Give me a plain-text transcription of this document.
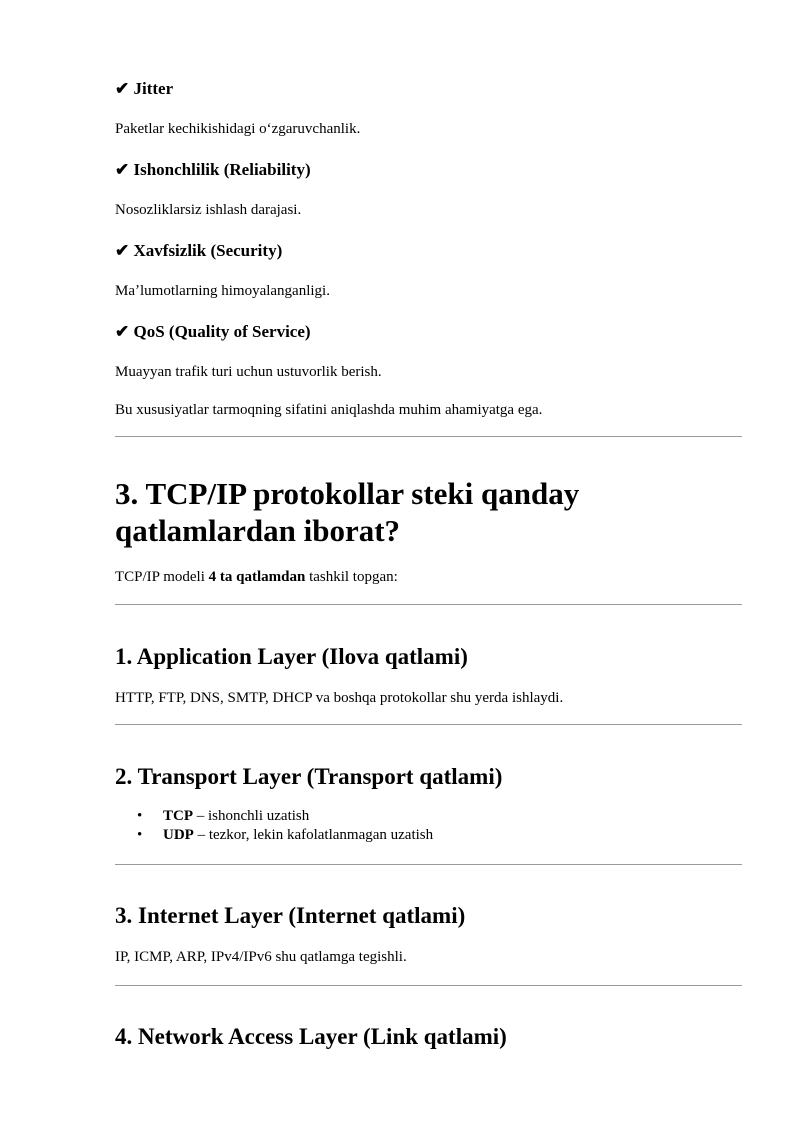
✔ Jitter
Paketlar kechikishidagi oʻzgaruvchanlik.
✔ Ishonchlilik (Reliability)
Nosozliklarsiz ishlash darajasi.
✔ Xavfsizlik (Security)
Maʼlumotlarning himoyalanganligi.
✔ QoS (Quality of Service)
Muayyan trafik turi uchun ustuvorlik berish.
Bu xususiyatlar tarmoqning sifatini aniqlashda muhim ahamiyatga ega.
3. TCP/IP protokollar steki qanday
qatlamlardan iborat?
TCP/IP modeli 4 ta qatlamdan tashkil topgan:
1. Application Layer (Ilova qatlami)
HTTP, FTP, DNS, SMTP, DHCP va boshqa protokollar shu yerda ishlaydi.
2. Transport Layer (Transport qatlami)
• TCP – ishonchli uzatish
• UDP – tezkor, lekin kafolatlanmagan uzatish
3. Internet Layer (Internet qatlami)
IP, ICMP, ARP, IPv4/IPv6 shu qatlamga tegishli.
4. Network Access Layer (Link qatlami)
